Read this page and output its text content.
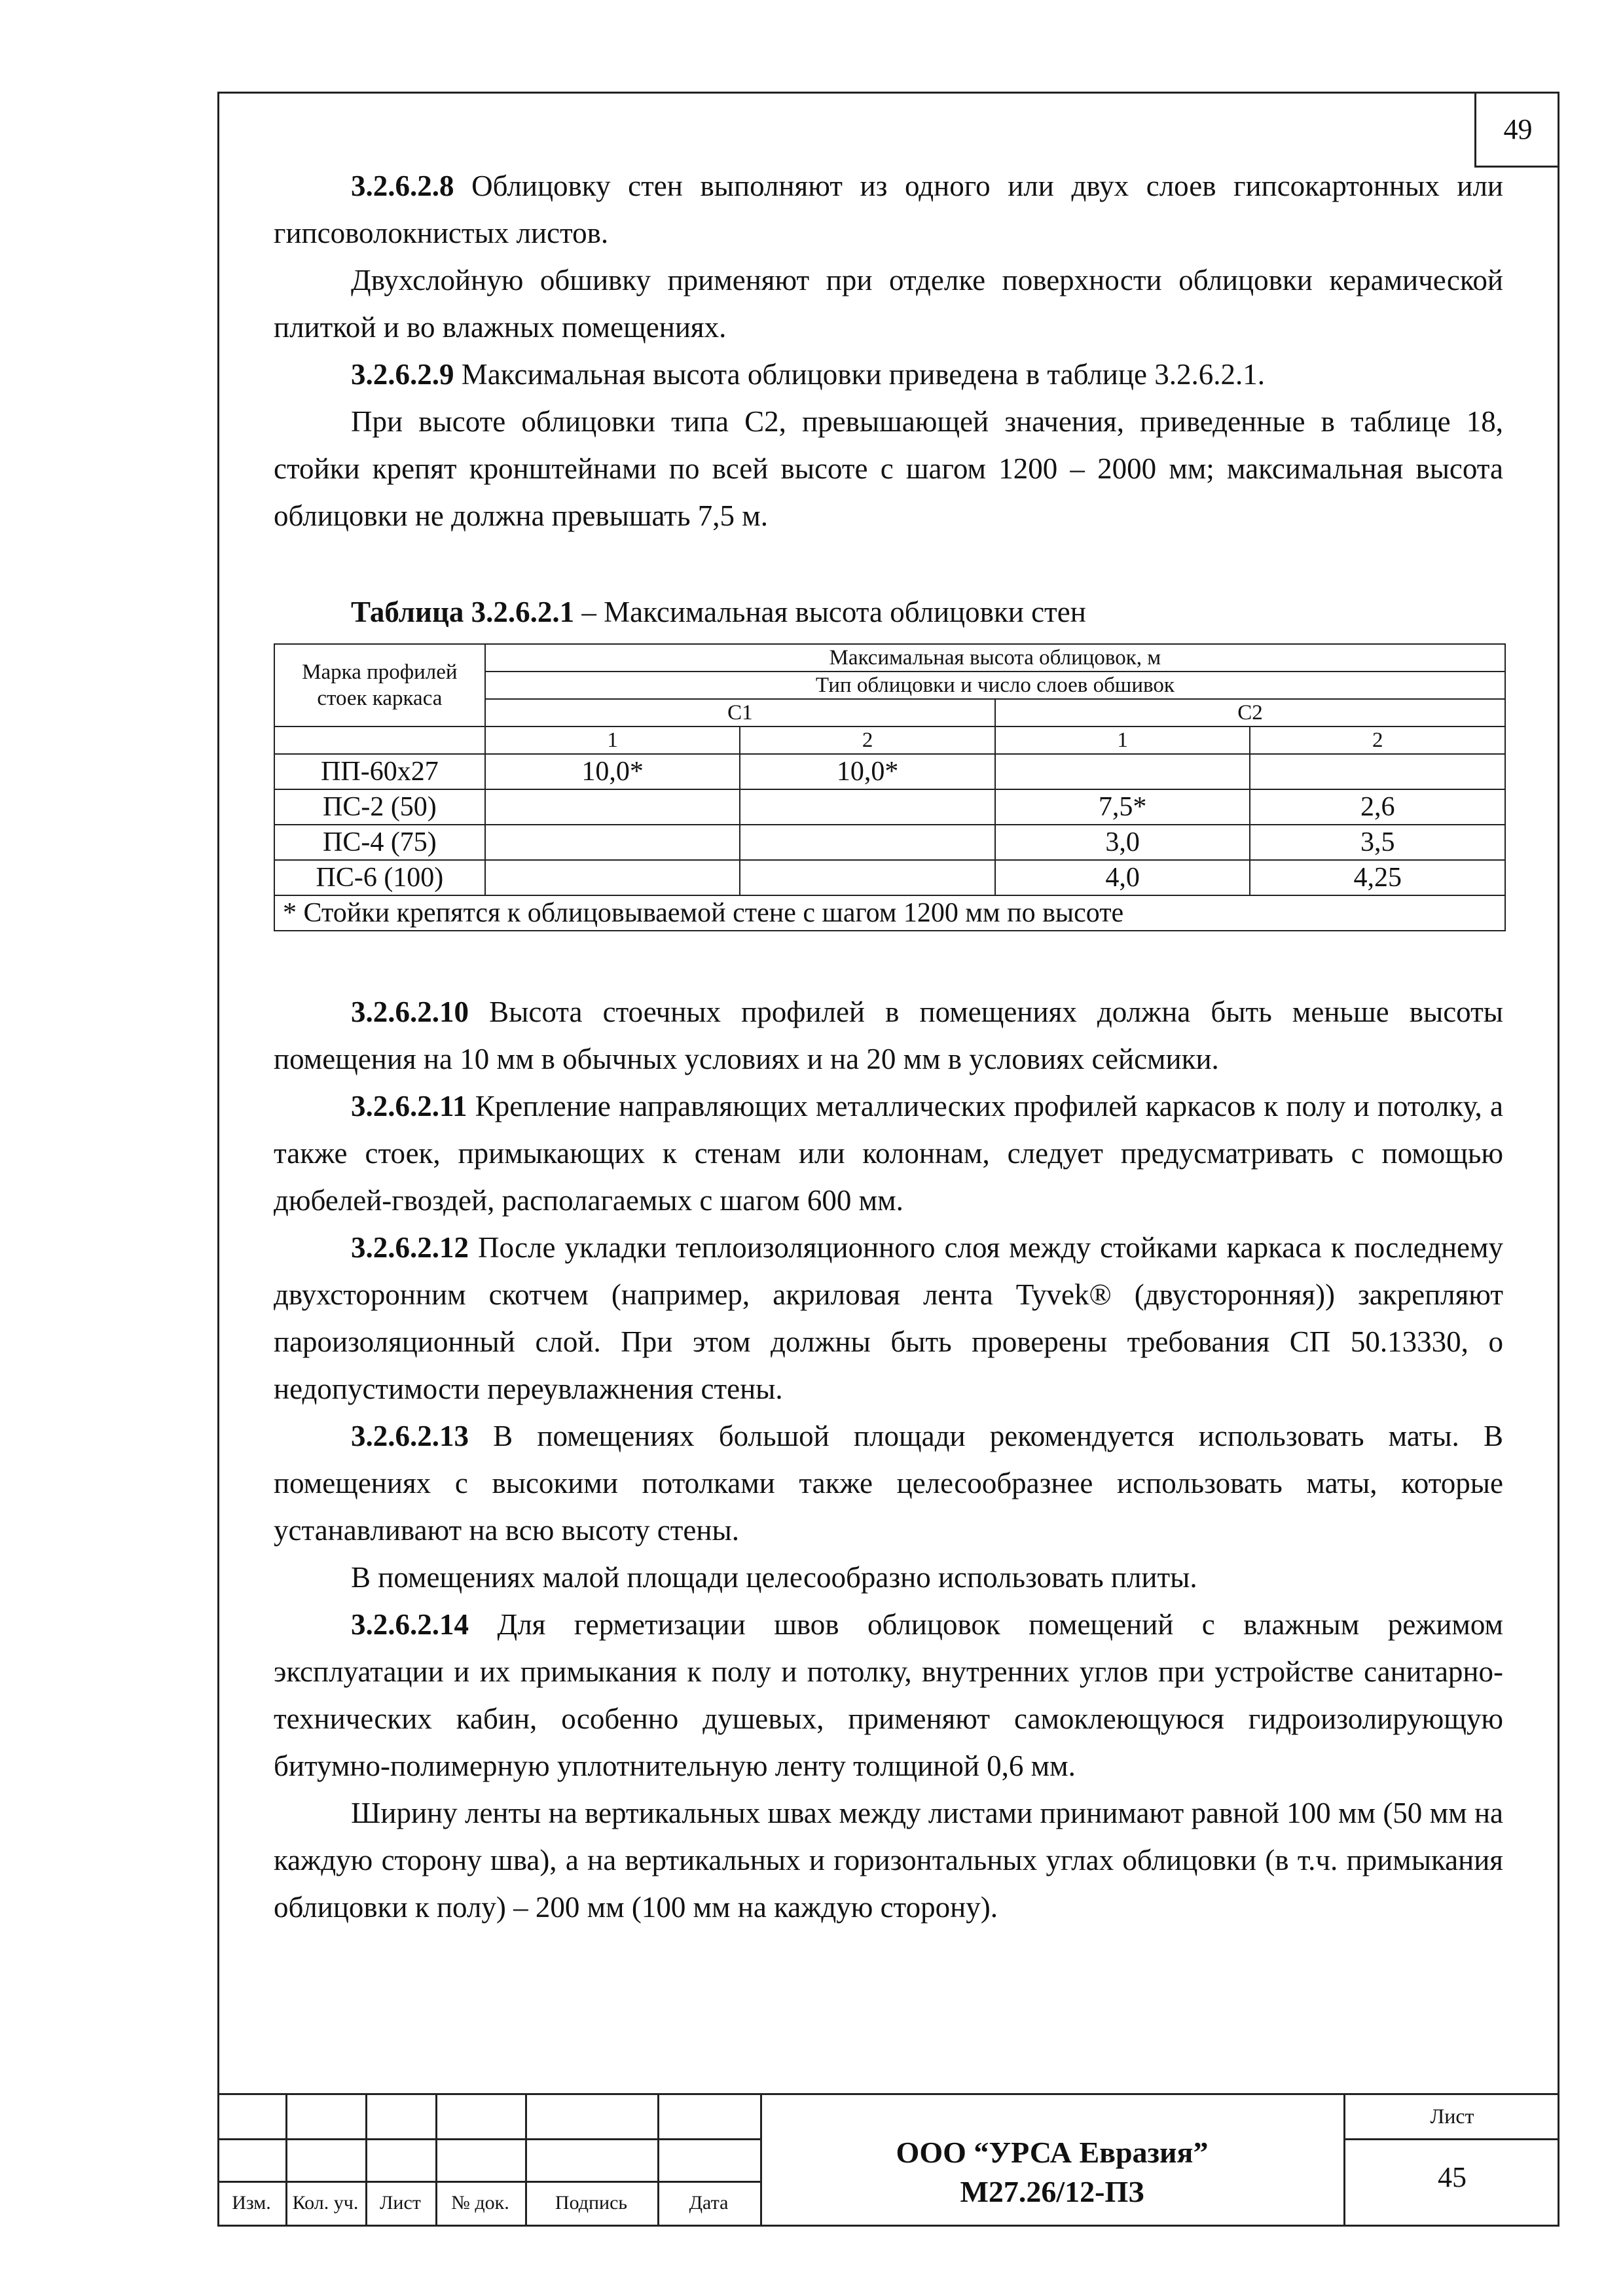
49

3.2.6.2.8 Облицовку стен выполняют из одного или двух слоев гипсокартонных или гипсоволокнистых листов.

Двухслойную обшивку применяют при отделке поверхности облицовки керамической плиткой и во влажных помещениях.

3.2.6.2.9 Максимальная высота облицовки приведена в таблице 3.2.6.2.1.

При высоте облицовки типа С2, превышающей значения, приведенные в таблице 18, стойки крепят кронштейнами по всей высоте с шагом 1200 – 2000 мм; максимальная высота облицовки не должна превышать 7,5 м.

Таблица 3.2.6.2.1 – Максимальная высота облицовки стен
Марка профилей стоек каркаса	Максимальная высота облицовок, м			
	Тип облицовки и число слоев обшивок			
	С1		С2	
	1	2	1	2
ПП-60х27	10,0*	10,0*		
ПС-2 (50)			7,5*	2,6
ПС-4 (75)			3,0	3,5
ПС-6 (100)			4,0	4,25
* Стойки крепятся к облицовываемой стене с шагом 1200 мм по высоте				

3.2.6.2.10 Высота стоечных профилей в помещениях должна быть меньше высоты помещения на 10 мм в обычных условиях и на 20 мм в условиях сейсмики.

3.2.6.2.11 Крепление направляющих металлических профилей каркасов к полу и потолку, а также стоек, примыкающих к стенам или колоннам, следует предусматривать с помощью дюбелей-гвоздей, располагаемых с шагом 600 мм.

3.2.6.2.12 После укладки теплоизоляционного слоя между стойками каркаса к последнему двухсторонним скотчем (например, акриловая лента Tyvek® (двусторонняя)) закрепляют пароизоляционный слой. При этом должны быть проверены требования СП 50.13330, о недопустимости переувлажнения стены.

3.2.6.2.13 В помещениях большой площади рекомендуется использовать маты. В помещениях с высокими потолками также целесообразнее использовать маты, которые устанавливают на всю высоту стены.

В помещениях малой площади целесообразно использовать плиты.

3.2.6.2.14 Для герметизации швов облицовок помещений с влажным режимом эксплуатации и их примыкания к полу и потолку, внутренних углов при устройстве санитарно-технических кабин, особенно душевых, применяют самоклеющуюся гидроизолирующую битумно-полимерную уплотнительную ленту толщиной 0,6 мм.

Ширину ленты на вертикальных швах между листами принимают равной 100 мм (50 мм на каждую сторону шва), а на вертикальных и горизонтальных углах облицовки (в т.ч. примыкания облицовки к полу) – 200 мм (100 мм на каждую сторону).

Изм.	Кол. уч.	Лист	№ док.	Подпись	Дата
ООО “УРСА Евразия”
М27.26/12-ПЗ
Лист
45
